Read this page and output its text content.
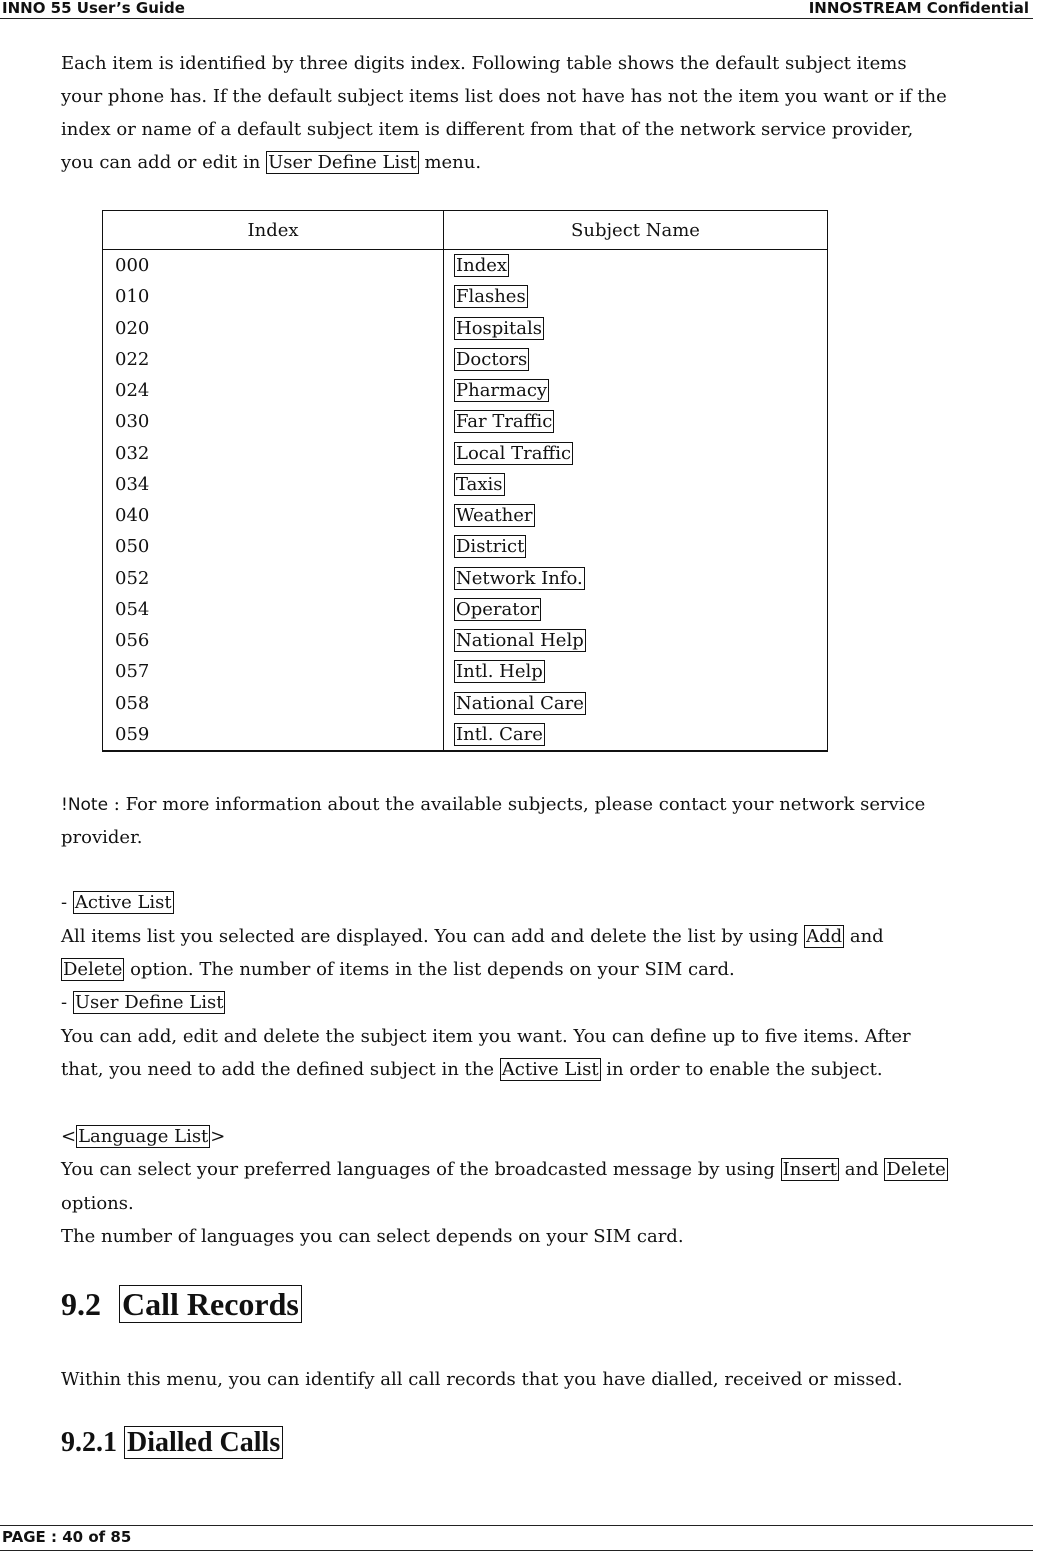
INNO 55 User’s Guide	INNOSTREAM Confidential
Each item is identified by three digits index. Following table shows the default subject items
your phone has. If the default subject items list does not have has not the item you want or if the
index or name of a default subject item is different from that of the network service provider,
you can add or edit in User Define List menu.
Index	Subject Name
000	Index
010	Flashes
020	Hospitals
022	Doctors
024	Pharmacy
030	Far Traffic
032	Local Traffic
034	Taxis
040	Weather
050	District
052	Network Info.
054	Operator
056	National Help
057	Intl. Help
058	National Care
059	Intl. Care
!Note : For more information about the available subjects, please contact your network service
provider.
- Active List
All items list you selected are displayed. You can add and delete the list by using Add and
Delete option. The number of items in the list depends on your SIM card.
- User Define List
You can add, edit and delete the subject item you want. You can define up to five items. After
that, you need to add the defined subject in the Active List in order to enable the subject.
< Language List >
You can select your preferred languages of the broadcasted message by using Insert and Delete
options.
The number of languages you can select depends on your SIM card.
9.2 Call Records
Within this menu, you can identify all call records that you have dialled, received or missed.
9.2.1 Dialled Calls
PAGE : 40 of 85
